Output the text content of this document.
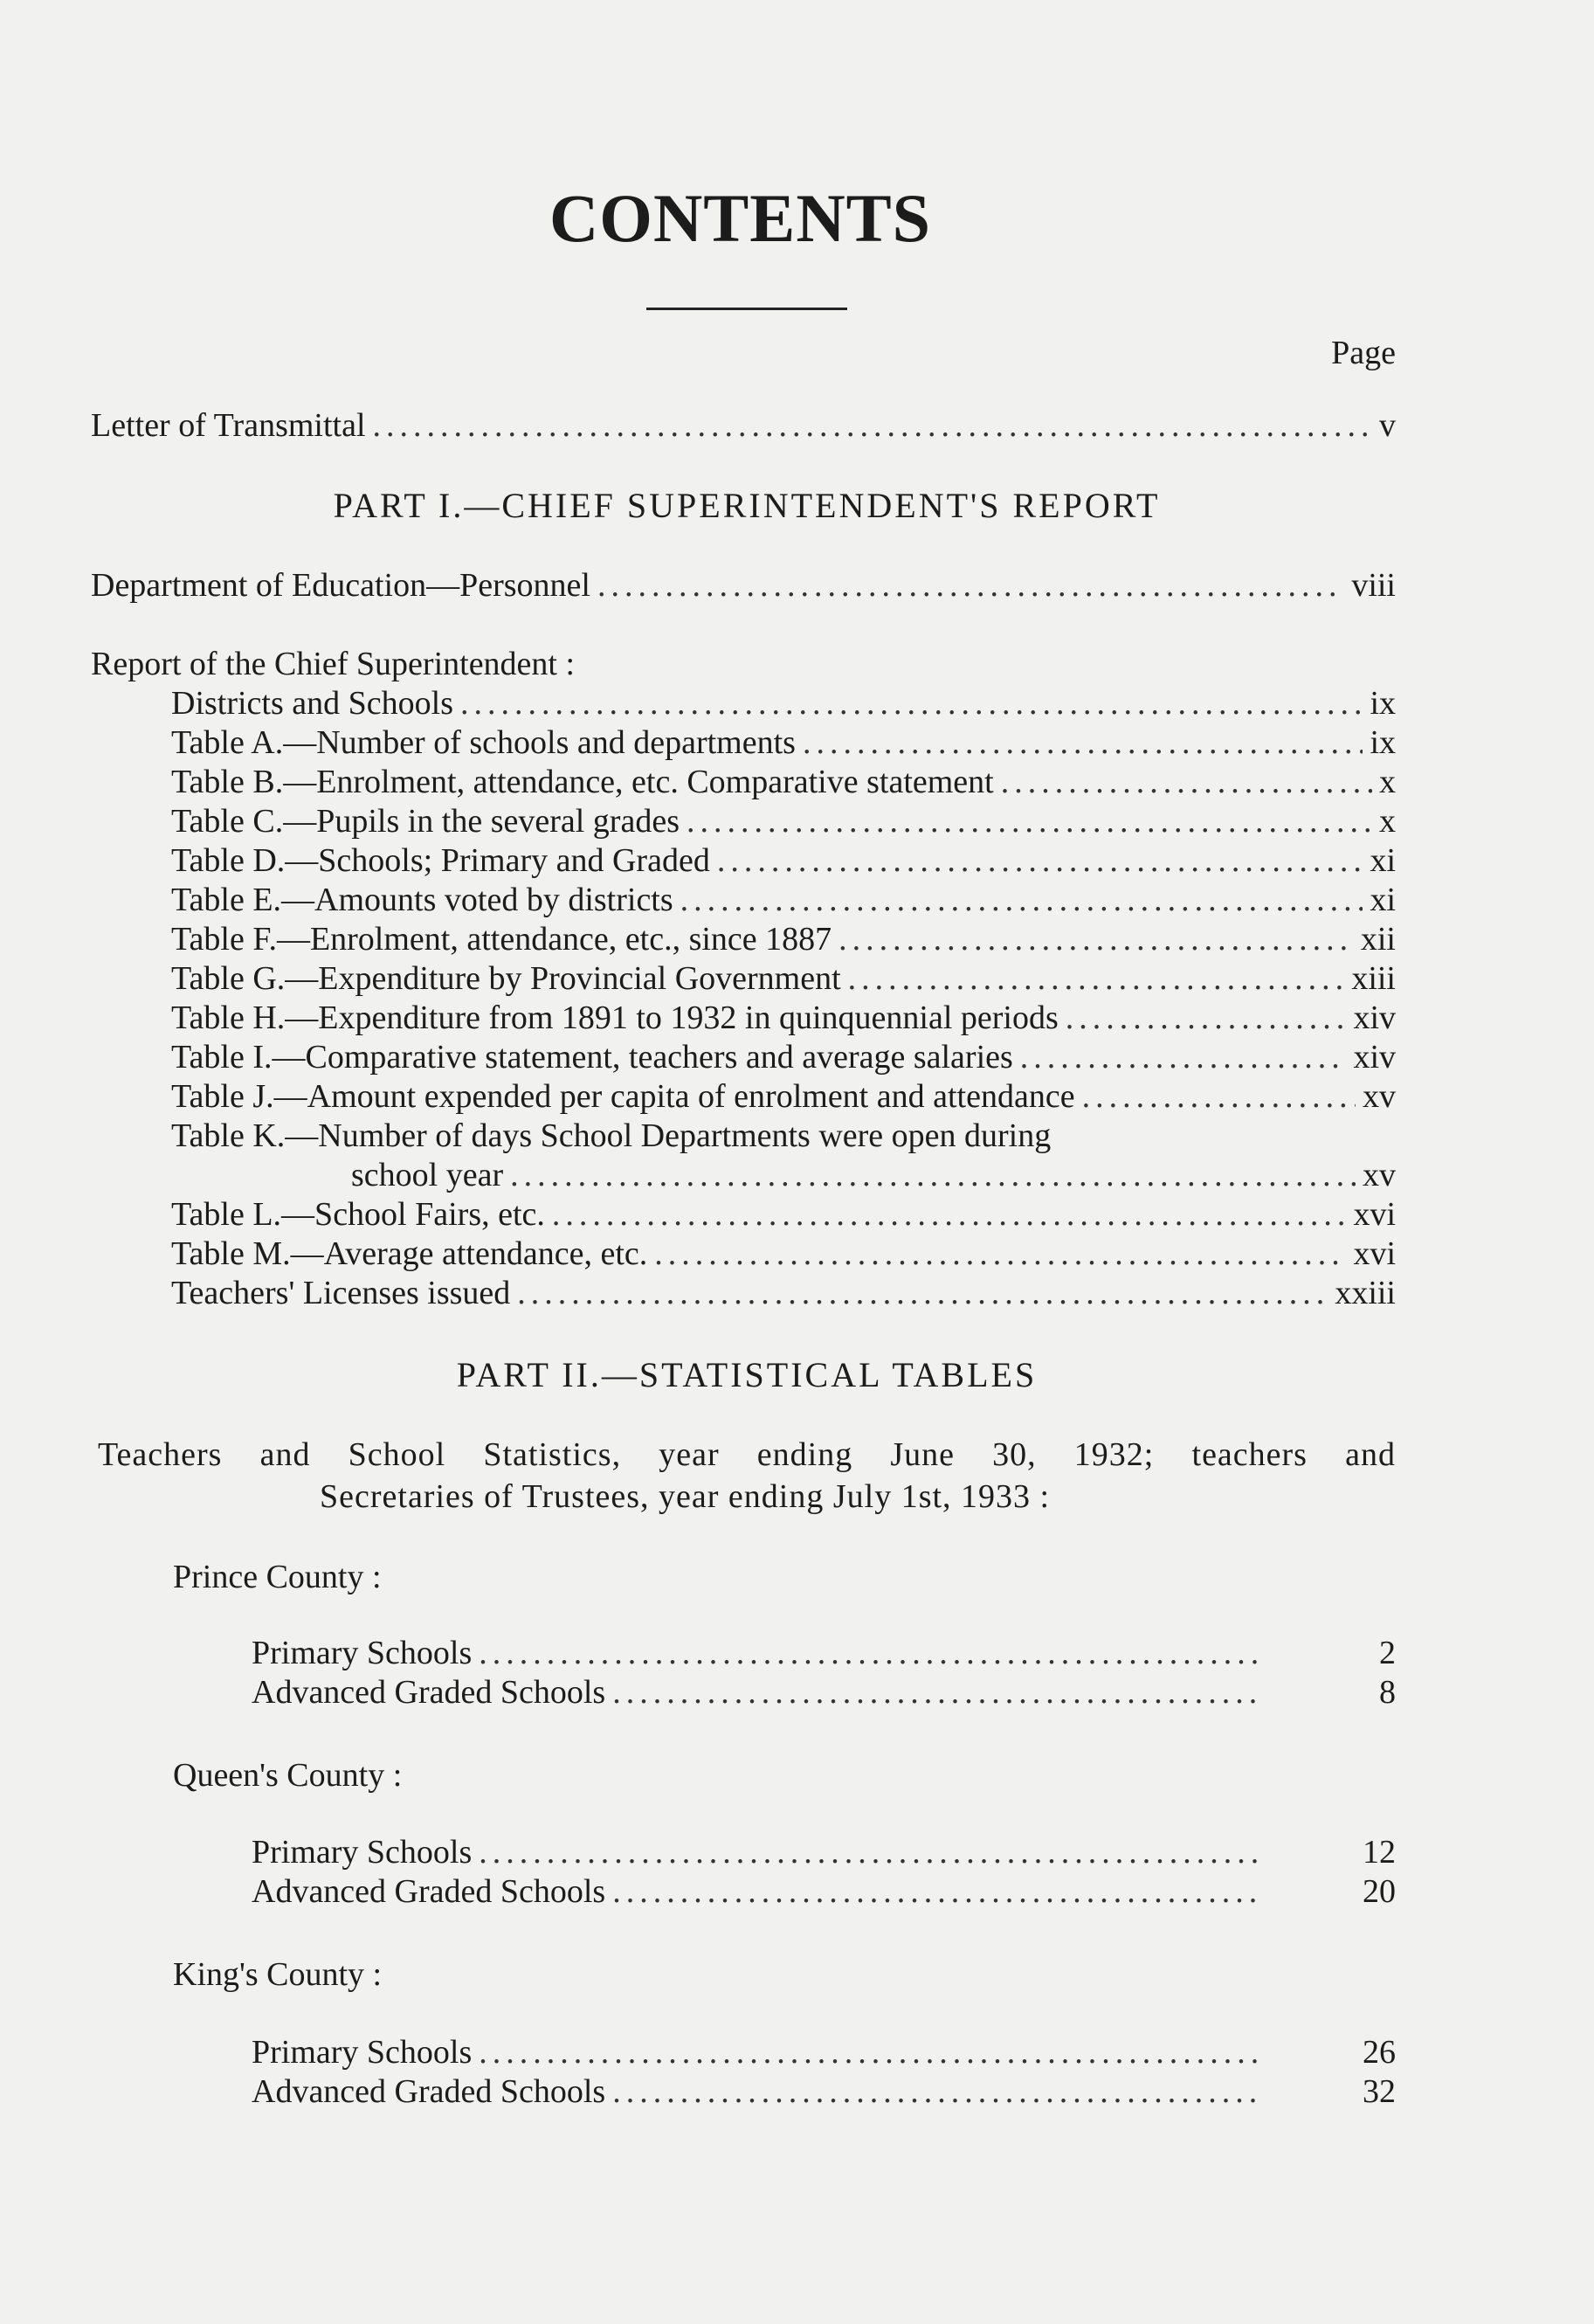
CONTENTS
Page
Letter of Transmittal .....	v
PART I.—CHIEF SUPERINTENDENT'S REPORT
Department of Education—Personnel .....	viii
Report of the Chief Superintendent :
Districts and Schools .....	ix
Table A.—Number of schools and departments .....	ix
Table B.—Enrolment, attendance, etc. Comparative statement .....	x
Table C.—Pupils in the several grades .....	x
Table D.—Schools; Primary and Graded .....	xi
Table E.—Amounts voted by districts .....	xi
Table F.—Enrolment, attendance, etc., since 1887 .....	xii
Table G.—Expenditure by Provincial Government .....	xiii
Table H.—Expenditure from 1891 to 1932 in quinquennial periods .....	xiv
Table I.—Comparative statement, teachers and average salaries .....	xiv
Table J.—Amount expended per capita of enrolment and attendance .....	xv
Table K.—Number of days School Departments were open during
school year .....	xv
Table L.—School Fairs, etc. .....	xvi
Table M.—Average attendance, etc. .....	xvi
Teachers' Licenses issued .....	xxiii
PART II.—STATISTICAL TABLES
Teachers and School Statistics, year ending June 30, 1932; teachers and
Secretaries of Trustees, year ending July 1st, 1933 :
Prince County :
Primary Schools .....	2
Advanced Graded Schools .....	8
Queen's County :
Primary Schools .....	12
Advanced Graded Schools .....	20
King's County :
Primary Schools .....	26
Advanced Graded Schools .....	32
